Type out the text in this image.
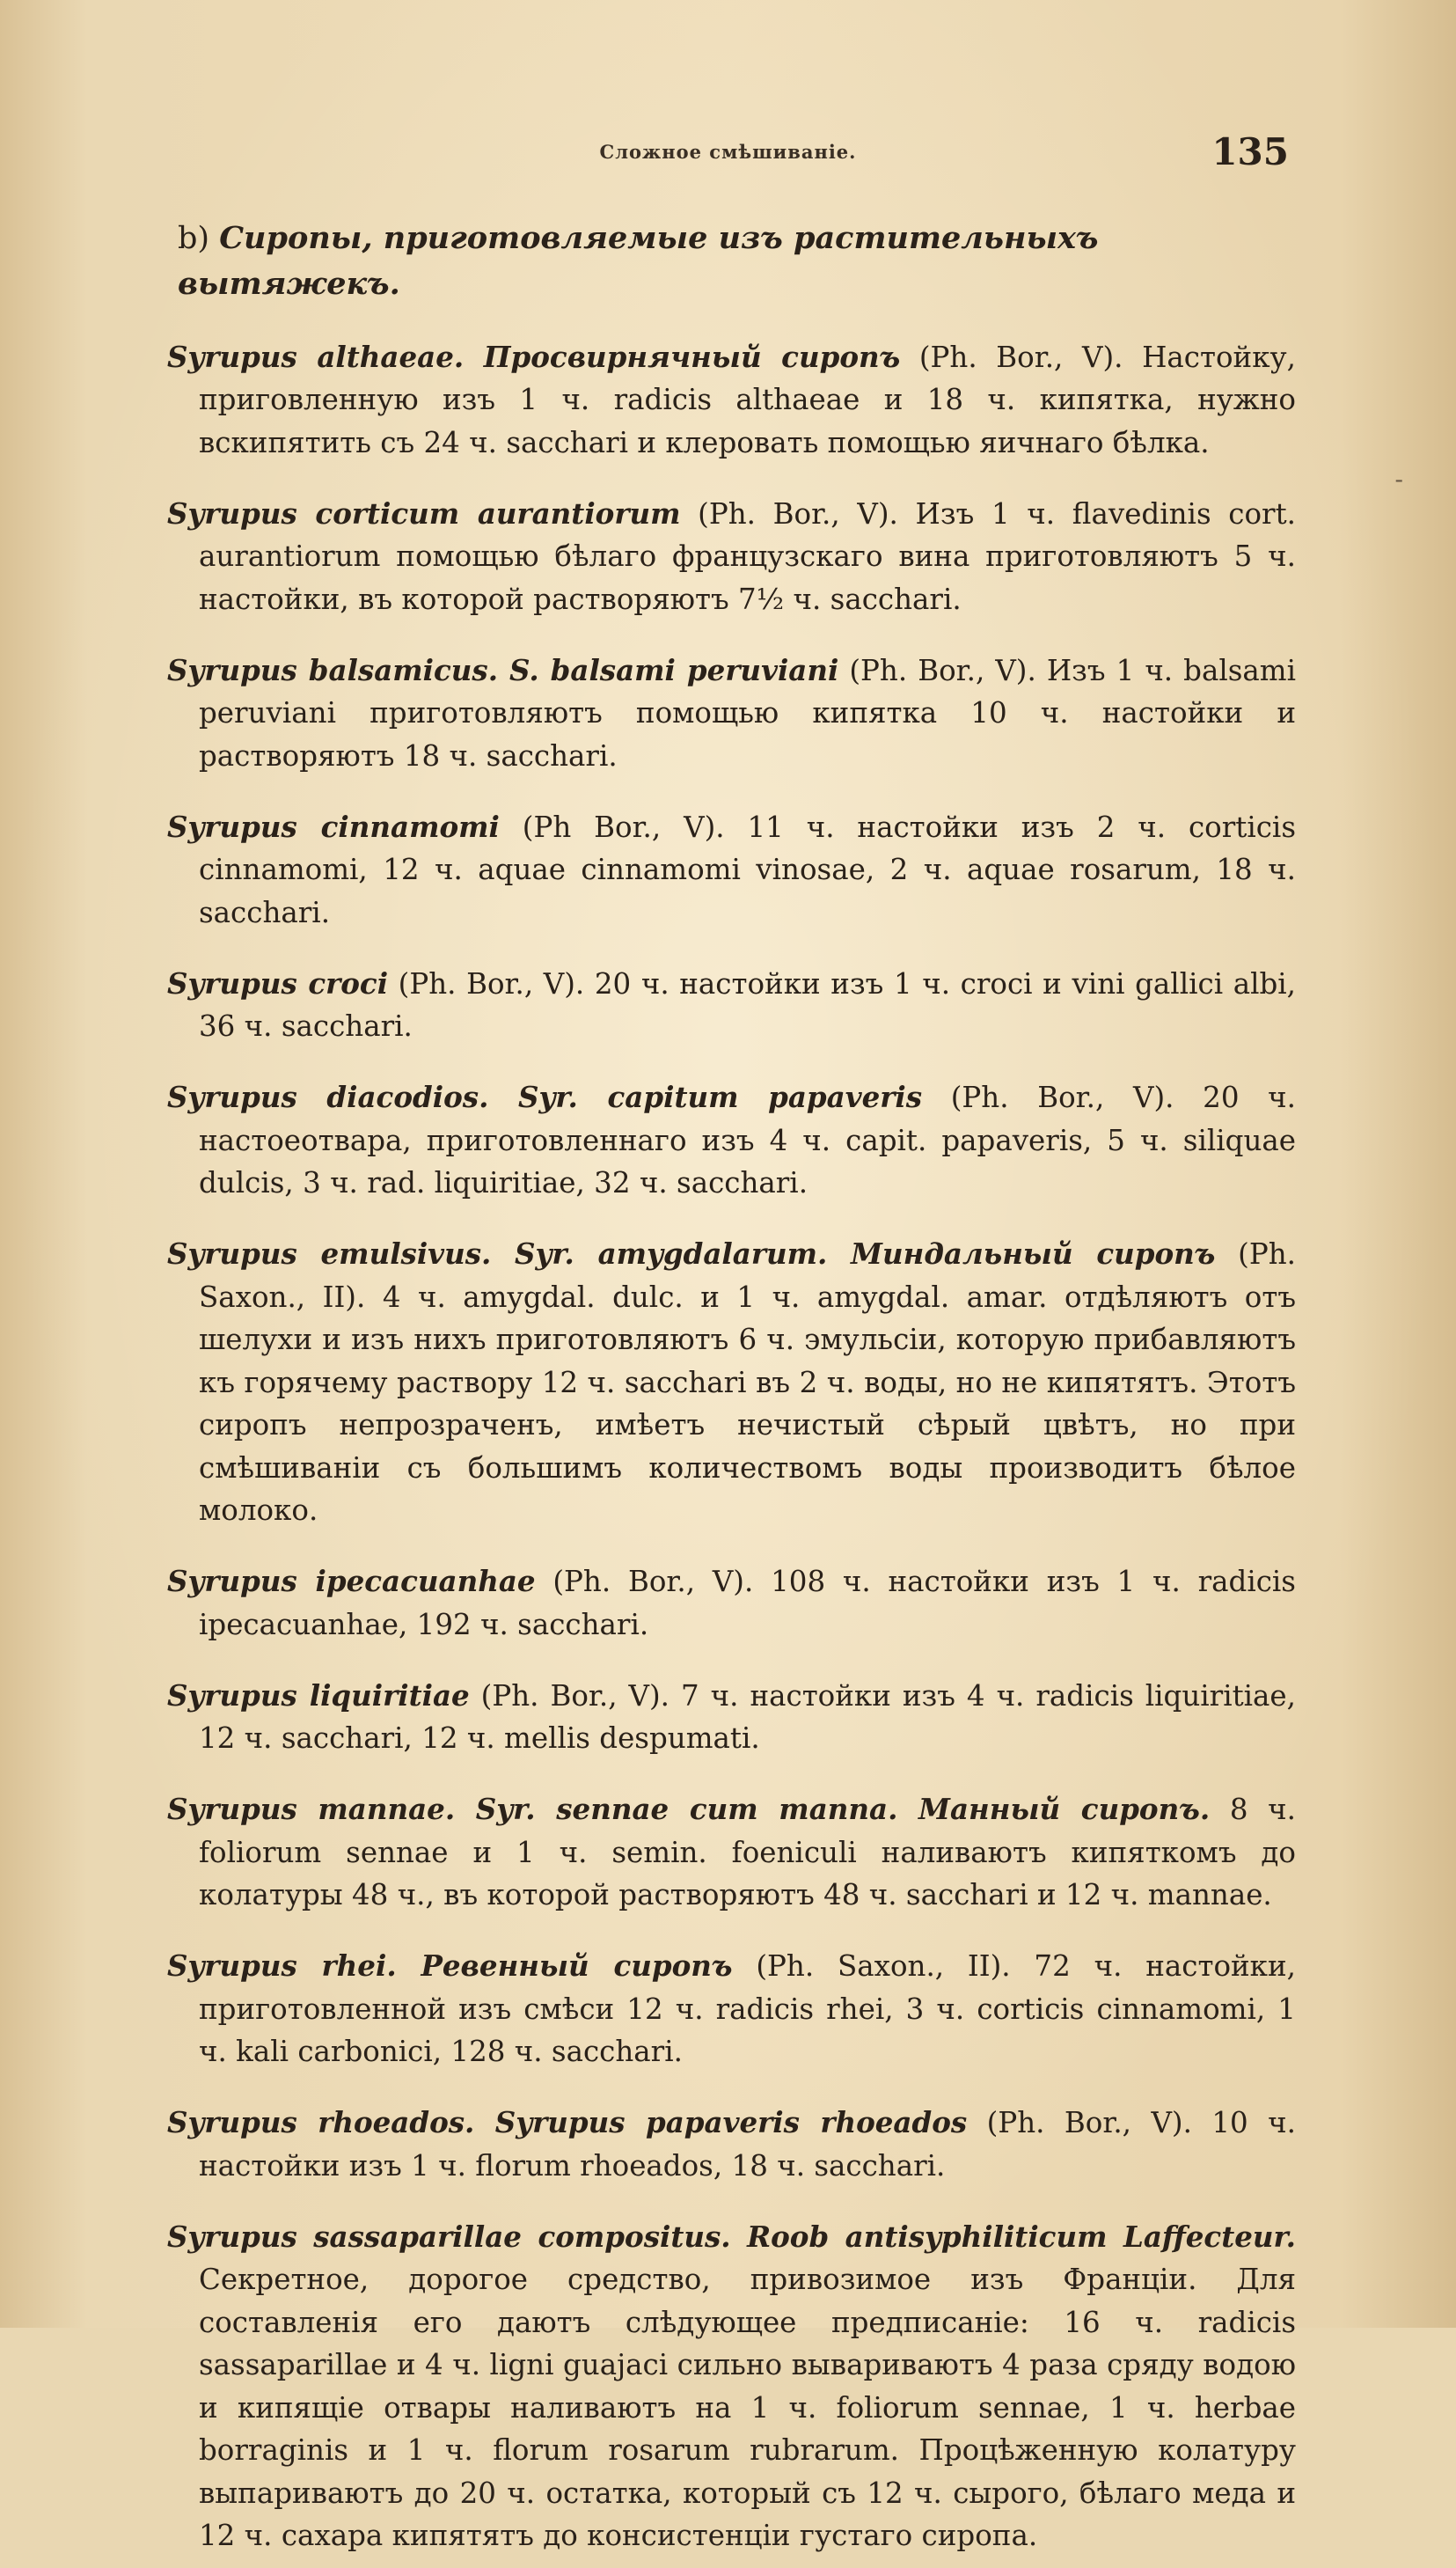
Сложное смѣшиваніе.	135
-
b) Сиропы, приготовляемые изъ растительныхъ вытяжекъ.

Syrupus althaeae. Просвирнячный сиропъ (Ph. Bor., V). Настойку, приговленную изъ 1 ч. radicis althaeae и 18 ч. кипятка, нужно вскипятить съ 24 ч. sacchari и клеровать помощью яичнаго бѣлка.

Syrupus corticum aurantiorum (Ph. Bor., V). Изъ 1 ч. flavedinis cort. aurantiorum помощью бѣлаго французскаго вина приготовляютъ 5 ч. настойки, въ которой растворяютъ 7½ ч. sacchari.

Syrupus balsamicus. S. balsami peruviani (Ph. Bor., V). Изъ 1 ч. balsami peruviani приготовляютъ помощью кипятка 10 ч. настойки и растворяютъ 18 ч. sacchari.

Syrupus cinnamomi (Ph Bor., V). 11 ч. настойки изъ 2 ч. corticis cinnamomi, 12 ч. aquae cinnamomi vinosae, 2 ч. aquae rosarum, 18 ч. sacchari.

Syrupus croci (Ph. Bor., V). 20 ч. настойки изъ 1 ч. croci и vini gallici albi, 36 ч. sacchari.

Syrupus diacodios. Syr. capitum papaveris (Ph. Bor., V). 20 ч. настоеотвара, приготовленнаго изъ 4 ч. capit. papaveris, 5 ч. siliquae dulcis, 3 ч. rad. liquiritiae, 32 ч. sacchari.

Syrupus emulsivus. Syr. amygdalarum. Миндальный сиропъ (Ph. Saxon., II). 4 ч. amygdal. dulc. и 1 ч. amygdal. amar. отдѣляютъ отъ шелухи и изъ нихъ приготовляютъ 6 ч. эмульсіи, которую прибавляютъ къ горячему раствору 12 ч. sacchari въ 2 ч. воды, но не кипятятъ. Этотъ сиропъ непрозраченъ, имѣетъ нечистый сѣрый цвѣтъ, но при смѣшиваніи съ большимъ количествомъ воды производитъ бѣлое молоко.

Syrupus ipecacuanhae (Ph. Bor., V). 108 ч. настойки изъ 1 ч. radicis ipecacuanhae, 192 ч. sacchari.

Syrupus liquiritiae (Ph. Bor., V). 7 ч. настойки изъ 4 ч. radicis liquiritiae, 12 ч. sacchari, 12 ч. mellis despumati.

Syrupus mannae. Syr. sennae cum manna. Манный сиропъ. 8 ч. foliorum sennae и 1 ч. semin. foeniculi наливаютъ кипяткомъ до колатуры 48 ч., въ которой растворяютъ 48 ч. sacchari и 12 ч. mannae.

Syrupus rhei. Ревенный сиропъ (Ph. Saxon., II). 72 ч. настойки, приготовленной изъ смѣси 12 ч. radicis rhei, 3 ч. corticis cinnamomi, 1 ч. kali carbonici, 128 ч. sacchari.

Syrupus rhoeados. Syrupus papaveris rhoeados (Ph. Bor., V). 10 ч. настойки изъ 1 ч. florum rhoeados, 18 ч. sacchari.

Syrupus sassaparillae compositus. Roob antisyphiliticum Laffecteur. Секретное, дорогое средство, привозимое изъ Франціи. Для составленія его даютъ слѣдующее предписаніе: 16 ч. radicis sassaparillae и 4 ч. ligni guajaci сильно вывариваютъ 4 раза сряду водою и кипящіе отвары наливаютъ на 1 ч. foliorum sennae, 1 ч. herbae borraginis и 1 ч. florum rosarum rubrarum. Процѣженную колатуру выпариваютъ до 20 ч. остатка, который съ 12 ч. сырого, бѣлаго меда и 12 ч. сахара кипятятъ до консистенціи густаго сиропа.
